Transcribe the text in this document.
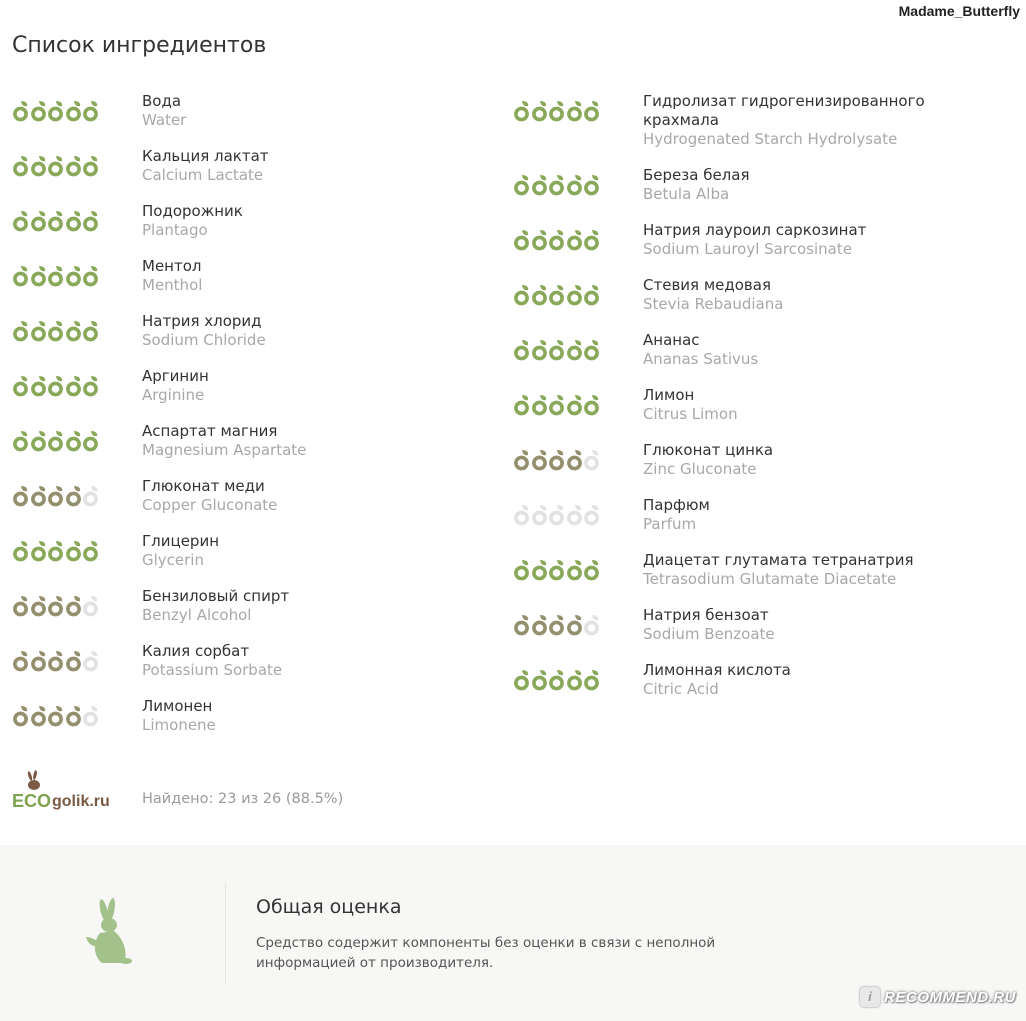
Madame_Butterfly
Список ингредиентов
Вода
Water
Кальция лактат
Calcium Lactate
Подорожник
Plantago
Ментол
Menthol
Натрия хлорид
Sodium Chloride
Аргинин
Arginine
Аспартат магния
Magnesium Aspartate
Глюконат меди
Copper Gluconate
Глицерин
Glycerin
Бензиловый спирт
Benzyl Alcohol
Калия сорбат
Potassium Sorbate
Лимонен
Limonene
Гидролизат гидрогенизированного крахмала
Hydrogenated Starch Hydrolysate
Береза белая
Betula Alba
Натрия лауроил саркозинат
Sodium Lauroyl Sarcosinate
Стевия медовая
Stevia Rebaudiana
Ананас
Ananas Sativus
Лимон
Citrus Limon
Глюконат цинка
Zinc Gluconate
Парфюм
Parfum
Диацетат глутамата тетранатрия
Tetrasodium Glutamate Diacetate
Натрия бензоат
Sodium Benzoate
Лимонная кислота
Citric Acid
ECO golik.ru Найдено: 23 из 26 (88.5%)
Общая оценка
Средство содержит компоненты без оценки в связи с неполной информацией от производителя.
i RECOMMEND.RU
